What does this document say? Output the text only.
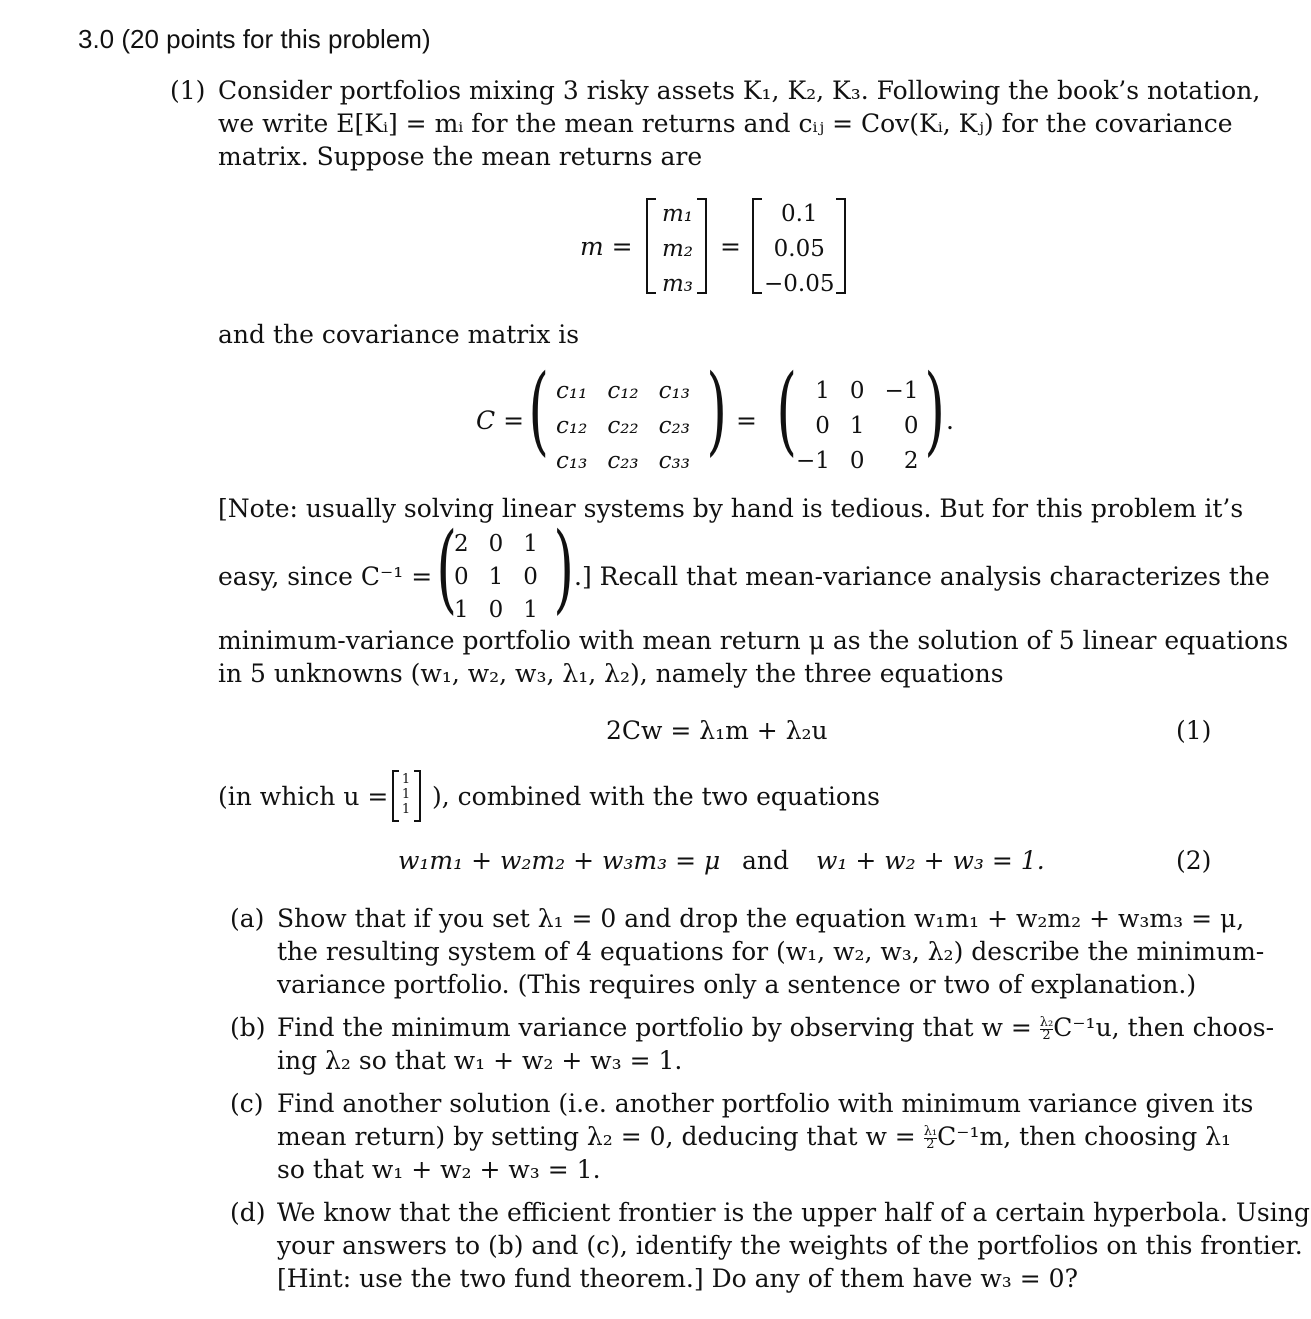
3.0 (20 points for this problem)
(1) Consider portfolios mixing 3 risky assets K₁, K₂, K₃. Following the book’s notation,
we write E[Kᵢ] = mᵢ for the mean returns and cᵢⱼ = Cov(Kᵢ, Kⱼ) for the covariance
matrix. Suppose the mean returns are
m =
m₁
m₂
m₃
=
0.1
0.05
−0.05
and the covariance matrix is
C = ( )
c₁₁	c₁₂	c₁₃
c₁₂	c₂₂	c₂₃
c₁₃	c₂₃	c₃₃
= ( )
1	0	−1
0	1	0
−1	0	2
.
[Note: usually solving linear systems by hand is tedious. But for this problem it’s
easy, since C⁻¹ = ( )
2	0	1
0	1	0
1	0	1
.] Recall that mean-variance analysis characterizes the
minimum-variance portfolio with mean return μ as the solution of 5 linear equations
in 5 unknowns (w₁, w₂, w₃, λ₁, λ₂), namely the three equations
2Cw = λ₁m + λ₂u	(1)
(in which u =
1
1
1 ), combined with the two equations
w₁m₁ + w₂m₂ + w₃m₃ = μ and w₁ + w₂ + w₃ = 1.	(2)
(a) Show that if you set λ₁ = 0 and drop the equation w₁m₁ + w₂m₂ + w₃m₃ = μ,
the resulting system of 4 equations for (w₁, w₂, w₃, λ₂) describe the minimum-
variance portfolio. (This requires only a sentence or two of explanation.)
(b) Find the minimum variance portfolio by observing that $w = \frac{\text{λ₂}}{2} C^{-1}u$, then choos-
ing λ₂ so that w₁ + w₂ + w₃ = 1.
(c) Find another solution (i.e. another portfolio with minimum variance given its
mean return) by setting λ₂ = 0, deducing that $w = \frac{\text{λ₁}}{2} C^{-1}m$, then choosing λ₁
so that w₁ + w₂ + w₃ = 1.
(d) We know that the efficient frontier is the upper half of a certain hyperbola. Using
your answers to (b) and (c), identify the weights of the portfolios on this frontier.
[Hint: use the two fund theorem.] Do any of them have w₃ = 0?
